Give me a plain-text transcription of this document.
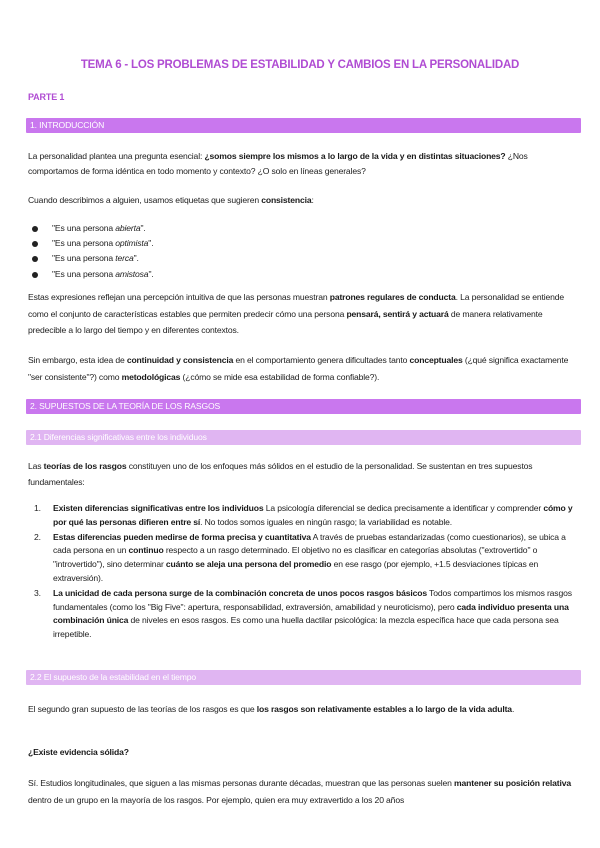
TEMA 6 - LOS PROBLEMAS DE ESTABILIDAD Y CAMBIOS EN LA PERSONALIDAD
PARTE 1
1. INTRODUCCIÓN

La personalidad plantea una pregunta esencial: ¿somos siempre los mismos a lo largo de la vida y en distintas situaciones? ¿Nos comportamos de forma idéntica en todo momento y contexto? ¿O solo en líneas generales?

Cuando describimos a alguien, usamos etiquetas que sugieren consistencia:

"Es una persona abierta".
"Es una persona optimista".
"Es una persona terca".
"Es una persona amistosa".

Estas expresiones reflejan una percepción intuitiva de que las personas muestran patrones regulares de conducta. La personalidad se entiende como el conjunto de características estables que permiten predecir cómo una persona pensará, sentirá y actuará de manera relativamente predecible a lo largo del tiempo y en diferentes contextos.

Sin embargo, esta idea de continuidad y consistencia en el comportamiento genera dificultades tanto conceptuales (¿qué significa exactamente "ser consistente"?) como metodológicas (¿cómo se mide esa estabilidad de forma confiable?).

2. SUPUESTOS DE LA TEORÍA DE LOS RASGOS
2.1 Diferencias significativas entre los individuos

Las teorías de los rasgos constituyen uno de los enfoques más sólidos en el estudio de la personalidad. Se sustentan en tres supuestos fundamentales:

1. Existen diferencias significativas entre los individuos La psicología diferencial se dedica precisamente a identificar y comprender cómo y por qué las personas difieren entre sí. No todos somos iguales en ningún rasgo; la variabilidad es notable.
2. Estas diferencias pueden medirse de forma precisa y cuantitativa A través de pruebas estandarizadas (como cuestionarios), se ubica a cada persona en un continuo respecto a un rasgo determinado. El objetivo no es clasificar en categorías absolutas ("extrovertido" o "introvertido"), sino determinar cuánto se aleja una persona del promedio en ese rasgo (por ejemplo, +1.5 desviaciones típicas en extraversión).
3. La unicidad de cada persona surge de la combinación concreta de unos pocos rasgos básicos Todos compartimos los mismos rasgos fundamentales (como los "Big Five": apertura, responsabilidad, extraversión, amabilidad y neuroticismo), pero cada individuo presenta una combinación única de niveles en esos rasgos. Es como una huella dactilar psicológica: la mezcla específica hace que cada persona sea irrepetible.
2.2 El supuesto de la estabilidad en el tiempo

El segundo gran supuesto de las teorías de los rasgos es que los rasgos son relativamente estables a lo largo de la vida adulta.

¿Existe evidencia sólida?

Sí. Estudios longitudinales, que siguen a las mismas personas durante décadas, muestran que las personas suelen mantener su posición relativa dentro de un grupo en la mayoría de los rasgos. Por ejemplo, quien era muy extravertido a los 20 años
